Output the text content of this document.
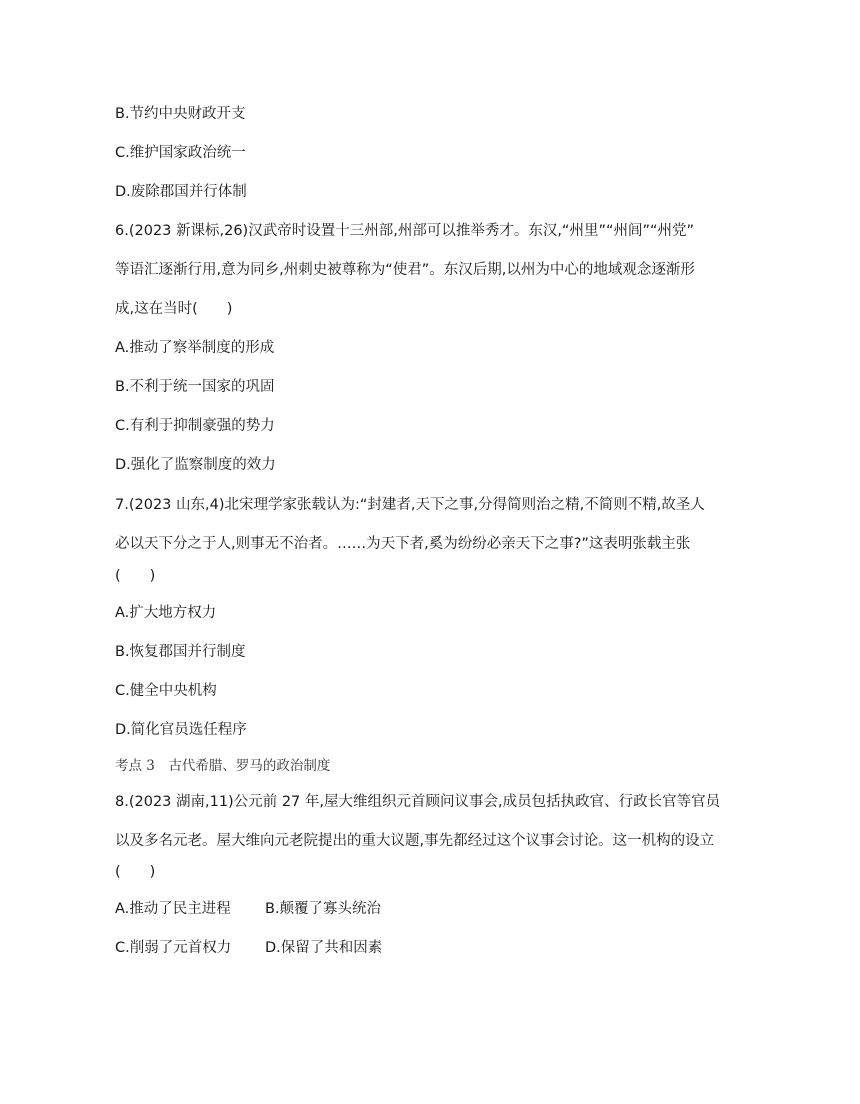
B.节约中央财政开支
C.维护国家政治统一
D.废除郡国并行体制
6.(2023 新课标,26)汉武帝时设置十三州部,州部可以推举秀才。东汉,“州里”“州闾”“州党”
等语汇逐渐行用,意为同乡,州刺史被尊称为“使君”。东汉后期,以州为中心的地域观念逐渐形
成,这在当时(　　)
A.推动了察举制度的形成
B.不利于统一国家的巩固
C.有利于抑制豪强的势力
D.强化了监察制度的效力
7.(2023 山东,4)北宋理学家张载认为:“封建者,天下之事,分得简则治之精,不简则不精,故圣人
必以天下分之于人,则事无不治者。……为天下者,奚为纷纷必亲天下之事?”这表明张载主张
(　　)
A.扩大地方权力
B.恢复郡国并行制度
C.健全中央机构
D.简化官员选任程序
考点 3　古代希腊、罗马的政治制度
8.(2023 湖南,11)公元前 27 年,屋大维组织元首顾问议事会,成员包括执政官、行政长官等官员
以及多名元老。屋大维向元老院提出的重大议题,事先都经过这个议事会讨论。这一机构的设立
(　　)
A.推动了民主进程 B.颠覆了寡头统治
C.削弱了元首权力 D.保留了共和因素
